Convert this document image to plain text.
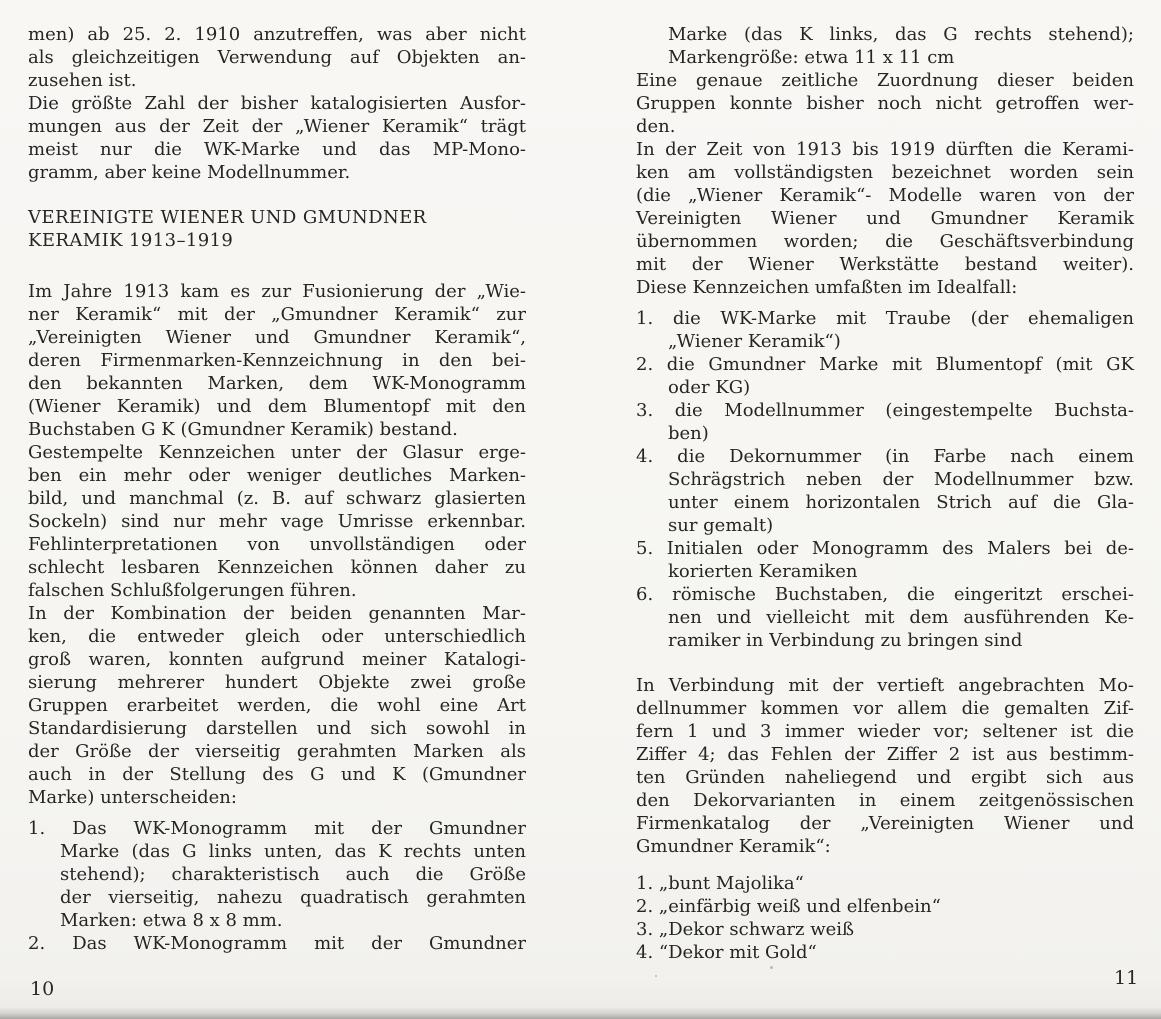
men) ab 25. 2. 1910 anzutreffen, was aber nicht
als gleichzeitigen Verwendung auf Objekten an-
zusehen ist.
Die größte Zahl der bisher katalogisierten Ausfor-
mungen aus der Zeit der „Wiener Keramik“ trägt
meist nur die WK-Marke und das MP-Mono-
gramm, aber keine Modellnummer.
VEREINIGTE WIENER UND GMUNDNER
KERAMIK 1913–1919
Im Jahre 1913 kam es zur Fusionierung der „Wie-
ner Keramik“ mit der „Gmundner Keramik“ zur
„Vereinigten Wiener und Gmundner Keramik“,
deren Firmenmarken-Kennzeichnung in den bei-
den bekannten Marken, dem WK-Monogramm
(Wiener Keramik) und dem Blumentopf mit den
Buchstaben G K (Gmundner Keramik) bestand.
Gestempelte Kennzeichen unter der Glasur erge-
ben ein mehr oder weniger deutliches Marken-
bild, und manchmal (z. B. auf schwarz glasierten
Sockeln) sind nur mehr vage Umrisse erkennbar.
Fehlinterpretationen von unvollständigen oder
schlecht lesbaren Kennzeichen können daher zu
falschen Schlußfolgerungen führen.
In der Kombination der beiden genannten Mar-
ken, die entweder gleich oder unterschiedlich
groß waren, konnten aufgrund meiner Katalogi-
sierung mehrerer hundert Objekte zwei große
Gruppen erarbeitet werden, die wohl eine Art
Standardisierung darstellen und sich sowohl in
der Größe der vierseitig gerahmten Marken als
auch in der Stellung des G und K (Gmundner
Marke) unterscheiden:
1. Das WK-Monogramm mit der Gmundner
Marke (das G links unten, das K rechts unten
stehend); charakteristisch auch die Größe
der vierseitig, nahezu quadratisch gerahmten
Marken: etwa 8 x 8 mm.
2. Das WK-Monogramm mit der Gmundner
Marke (das K links, das G rechts stehend);
Markengröße: etwa 11 x 11 cm
Eine genaue zeitliche Zuordnung dieser beiden
Gruppen konnte bisher noch nicht getroffen wer-
den.
In der Zeit von 1913 bis 1919 dürften die Kerami-
ken am vollständigsten bezeichnet worden sein
(die „Wiener Keramik“- Modelle waren von der
Vereinigten Wiener und Gmundner Keramik
übernommen worden; die Geschäftsverbindung
mit der Wiener Werkstätte bestand weiter).
Diese Kennzeichen umfaßten im Idealfall:
1. die WK-Marke mit Traube (der ehemaligen
„Wiener Keramik“)
2. die Gmundner Marke mit Blumentopf (mit GK
oder KG)
3. die Modellnummer (eingestempelte Buchsta-
ben)
4. die Dekornummer (in Farbe nach einem
Schrägstrich neben der Modellnummer bzw.
unter einem horizontalen Strich auf die Gla-
sur gemalt)
5. Initialen oder Monogramm des Malers bei de-
korierten Keramiken
6. römische Buchstaben, die eingeritzt erschei-
nen und vielleicht mit dem ausführenden Ke-
ramiker in Verbindung zu bringen sind
In Verbindung mit der vertieft angebrachten Mo-
dellnummer kommen vor allem die gemalten Zif-
fern 1 und 3 immer wieder vor; seltener ist die
Ziffer 4; das Fehlen der Ziffer 2 ist aus bestimm-
ten Gründen naheliegend und ergibt sich aus
den Dekorvarianten in einem zeitgenössischen
Firmenkatalog der „Vereinigten Wiener und
Gmundner Keramik“:
1. „bunt Majolika“
2. „einfärbig weiß und elfenbein“
3. „Dekor schwarz weiß
4. “Dekor mit Gold“
10	11
